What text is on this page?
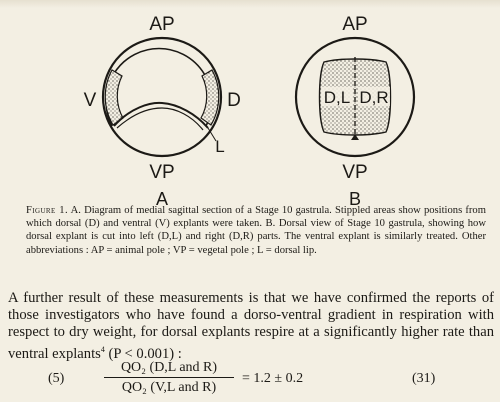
AP
V	D
L
VP
A
AP
D,L D,R
VP
B

Figure 1. A. Diagram of medial sagittal section of a Stage 10 gastrula. Stippled areas show positions from which dorsal (D) and ventral (V) explants were taken. B. Dorsal view of Stage 10 gastrula, showing how dorsal explant is cut into left (D,L) and right (D,R) parts. The ventral explant is similarly treated. Other abbreviations : AP = animal pole ; VP = vegetal pole ; L = dorsal lip.

A further result of these measurements is that we have confirmed the reports of those investigators who have found a dorso-ventral gradient in respiration with respect to dry weight, for dorsal explants respire at a significantly higher rate than ventral explants$^4$ (P < 0.001) :

(5)
QO₂ (D,L and R)
QO₂ (V,L and R)
= 1.2 ± 0.2	(31)
